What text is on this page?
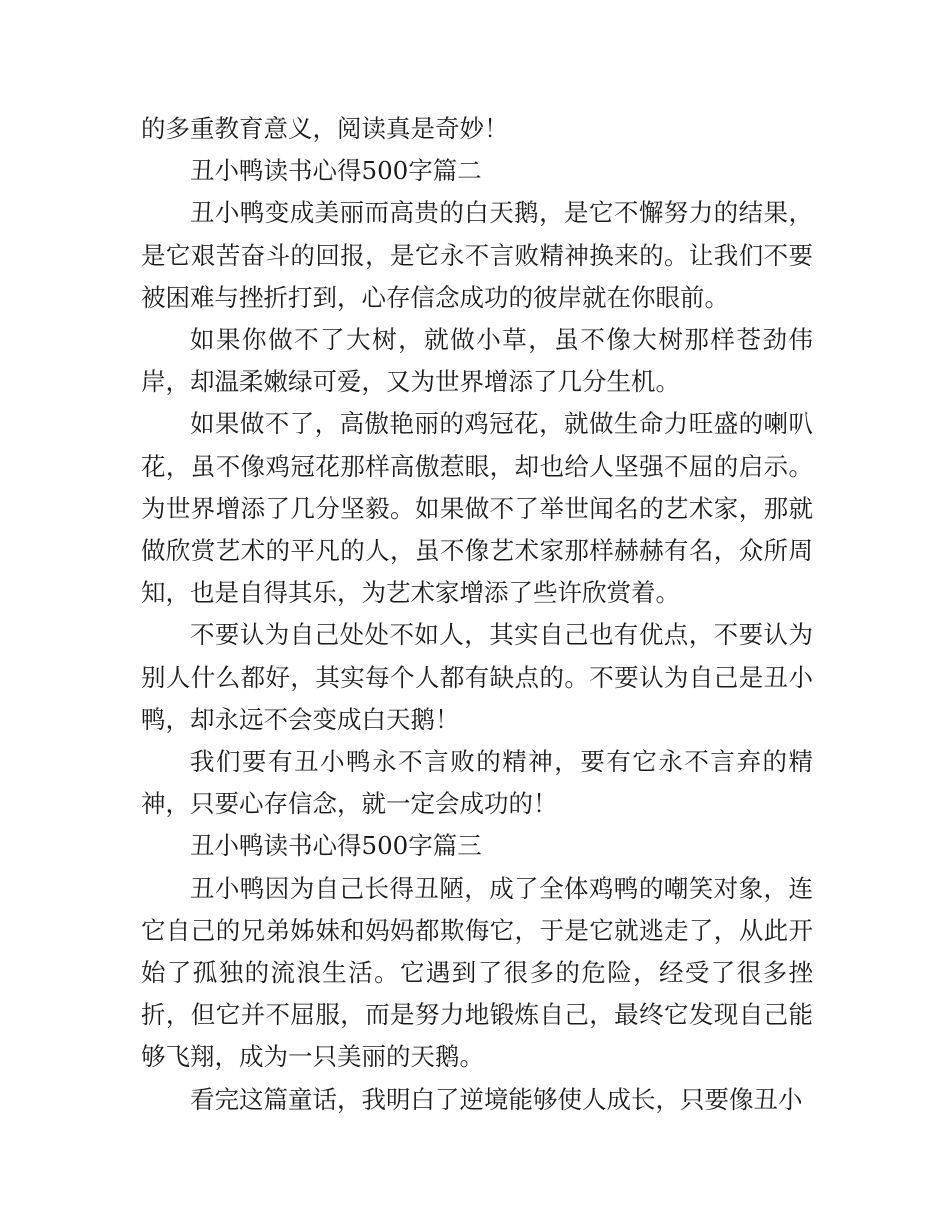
的多重教育意义，阅读真是奇妙！

丑小鸭读书心得500字篇二

丑小鸭变成美丽而高贵的白天鹅，是它不懈努力的结果，是它艰苦奋斗的回报，是它永不言败精神换来的。让我们不要被困难与挫折打到，心存信念成功的彼岸就在你眼前。

如果你做不了大树，就做小草，虽不像大树那样苍劲伟岸，却温柔嫩绿可爱，又为世界增添了几分生机。

如果做不了，高傲艳丽的鸡冠花，就做生命力旺盛的喇叭花，虽不像鸡冠花那样高傲惹眼，却也给人坚强不屈的启示。为世界增添了几分坚毅。如果做不了举世闻名的艺术家，那就做欣赏艺术的平凡的人，虽不像艺术家那样赫赫有名，众所周知，也是自得其乐，为艺术家增添了些许欣赏着。

不要认为自己处处不如人，其实自己也有优点，不要认为别人什么都好，其实每个人都有缺点的。不要认为自己是丑小鸭，却永远不会变成白天鹅！

我们要有丑小鸭永不言败的精神，要有它永不言弃的精神，只要心存信念，就一定会成功的！

丑小鸭读书心得500字篇三

丑小鸭因为自己长得丑陋，成了全体鸡鸭的嘲笑对象，连它自己的兄弟姊妹和妈妈都欺侮它，于是它就逃走了，从此开始了孤独的流浪生活。它遇到了很多的危险，经受了很多挫折，但它并不屈服，而是努力地锻炼自己，最终它发现自己能够飞翔，成为一只美丽的天鹅。

看完这篇童话，我明白了逆境能够使人成长，只要像丑小
